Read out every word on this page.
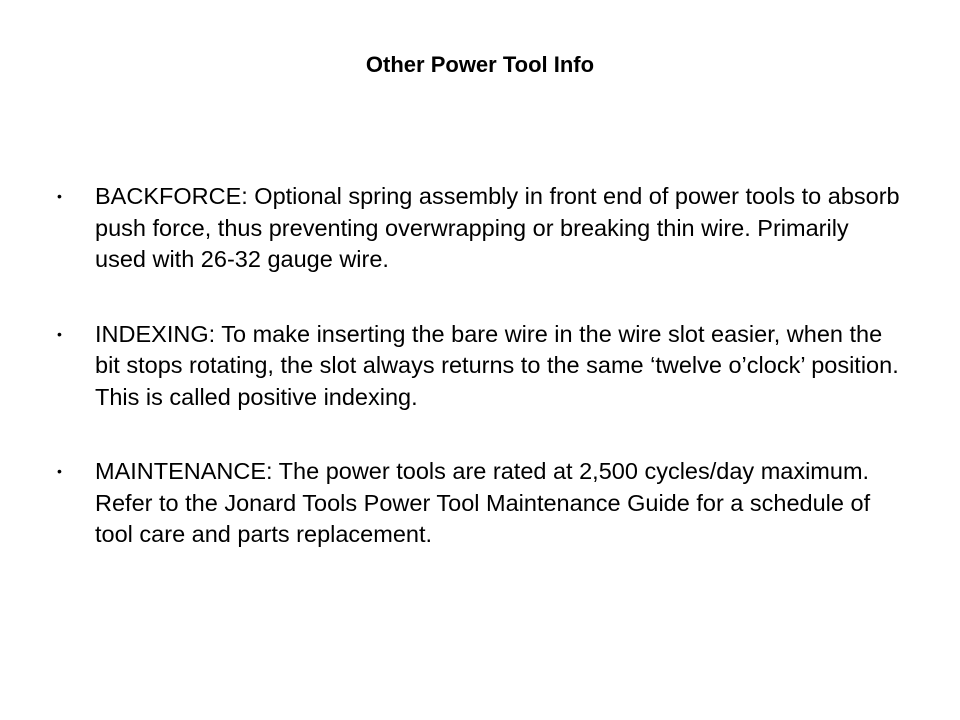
Other Power Tool Info
• BACKFORCE: Optional spring assembly in front end of power tools to absorb push force, thus preventing overwrapping or breaking thin wire. Primarily used with 26-32 gauge wire.
• INDEXING: To make inserting the bare wire in the wire slot easier, when the bit stops rotating, the slot always returns to the same ‘twelve o’clock’ position. This is called positive indexing.
• MAINTENANCE: The power tools are rated at 2,500 cycles/day maximum. Refer to the Jonard Tools Power Tool Maintenance Guide for a schedule of tool care and parts replacement.
